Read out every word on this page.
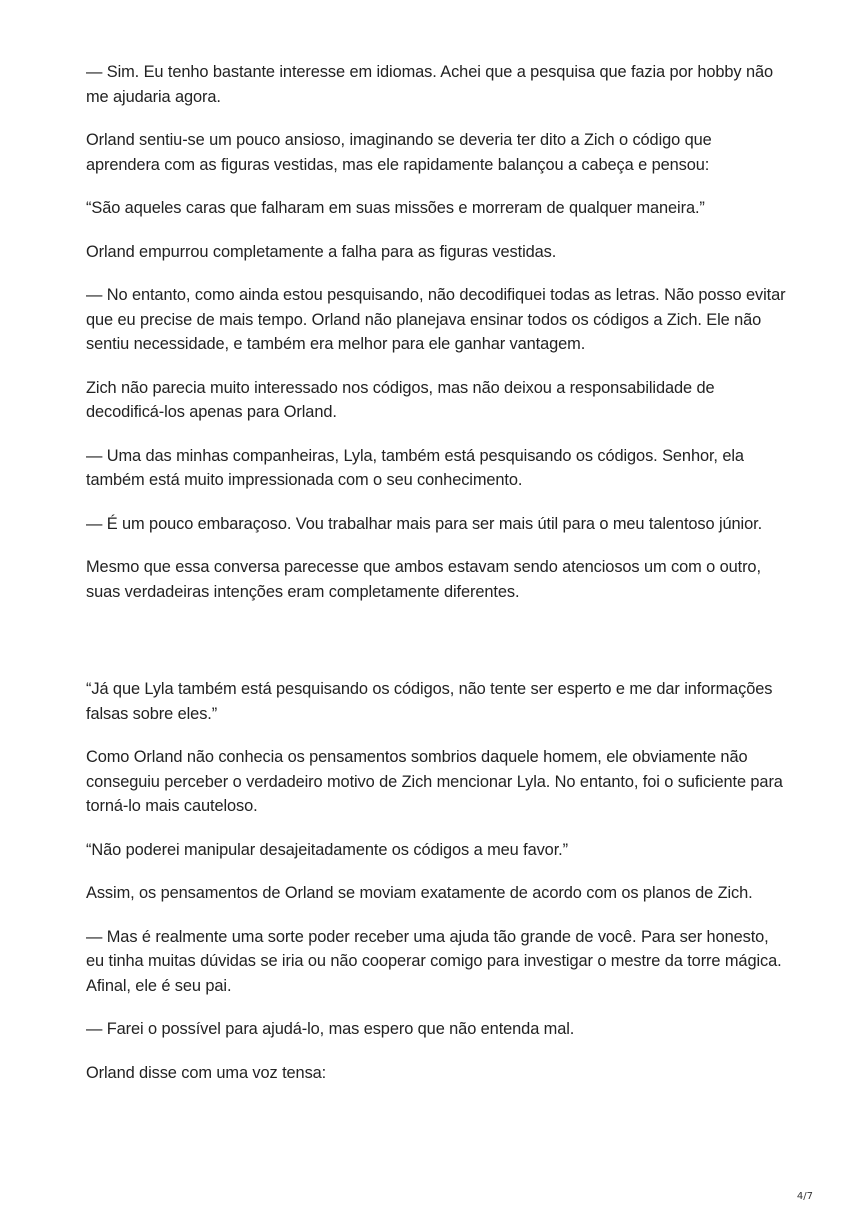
— Sim. Eu tenho bastante interesse em idiomas. Achei que a pesquisa que fazia por hobby não me ajudaria agora.

Orland sentiu-se um pouco ansioso, imaginando se deveria ter dito a Zich o código que aprendera com as figuras vestidas, mas ele rapidamente balançou a cabeça e pensou:

“São aqueles caras que falharam em suas missões e morreram de qualquer maneira.”

Orland empurrou completamente a falha para as figuras vestidas.

— No entanto, como ainda estou pesquisando, não decodifiquei todas as letras. Não posso evitar que eu precise de mais tempo. Orland não planejava ensinar todos os códigos a Zich. Ele não sentiu necessidade, e também era melhor para ele ganhar vantagem.

Zich não parecia muito interessado nos códigos, mas não deixou a responsabilidade de decodificá-los apenas para Orland.

— Uma das minhas companheiras, Lyla, também está pesquisando os códigos. Senhor, ela também está muito impressionada com o seu conhecimento.

— É um pouco embaraçoso. Vou trabalhar mais para ser mais útil para o meu talentoso júnior.

Mesmo que essa conversa parecesse que ambos estavam sendo atenciosos um com o outro, suas verdadeiras intenções eram completamente diferentes.

“Já que Lyla também está pesquisando os códigos, não tente ser esperto e me dar informações falsas sobre eles.”

Como Orland não conhecia os pensamentos sombrios daquele homem, ele obviamente não conseguiu perceber o verdadeiro motivo de Zich mencionar Lyla. No entanto, foi o suficiente para torná-lo mais cauteloso.

“Não poderei manipular desajeitadamente os códigos a meu favor.”

Assim, os pensamentos de Orland se moviam exatamente de acordo com os planos de Zich.

— Mas é realmente uma sorte poder receber uma ajuda tão grande de você. Para ser honesto, eu tinha muitas dúvidas se iria ou não cooperar comigo para investigar o mestre da torre mágica. Afinal, ele é seu pai.

— Farei o possível para ajudá-lo, mas espero que não entenda mal.

Orland disse com uma voz tensa:

4/7
